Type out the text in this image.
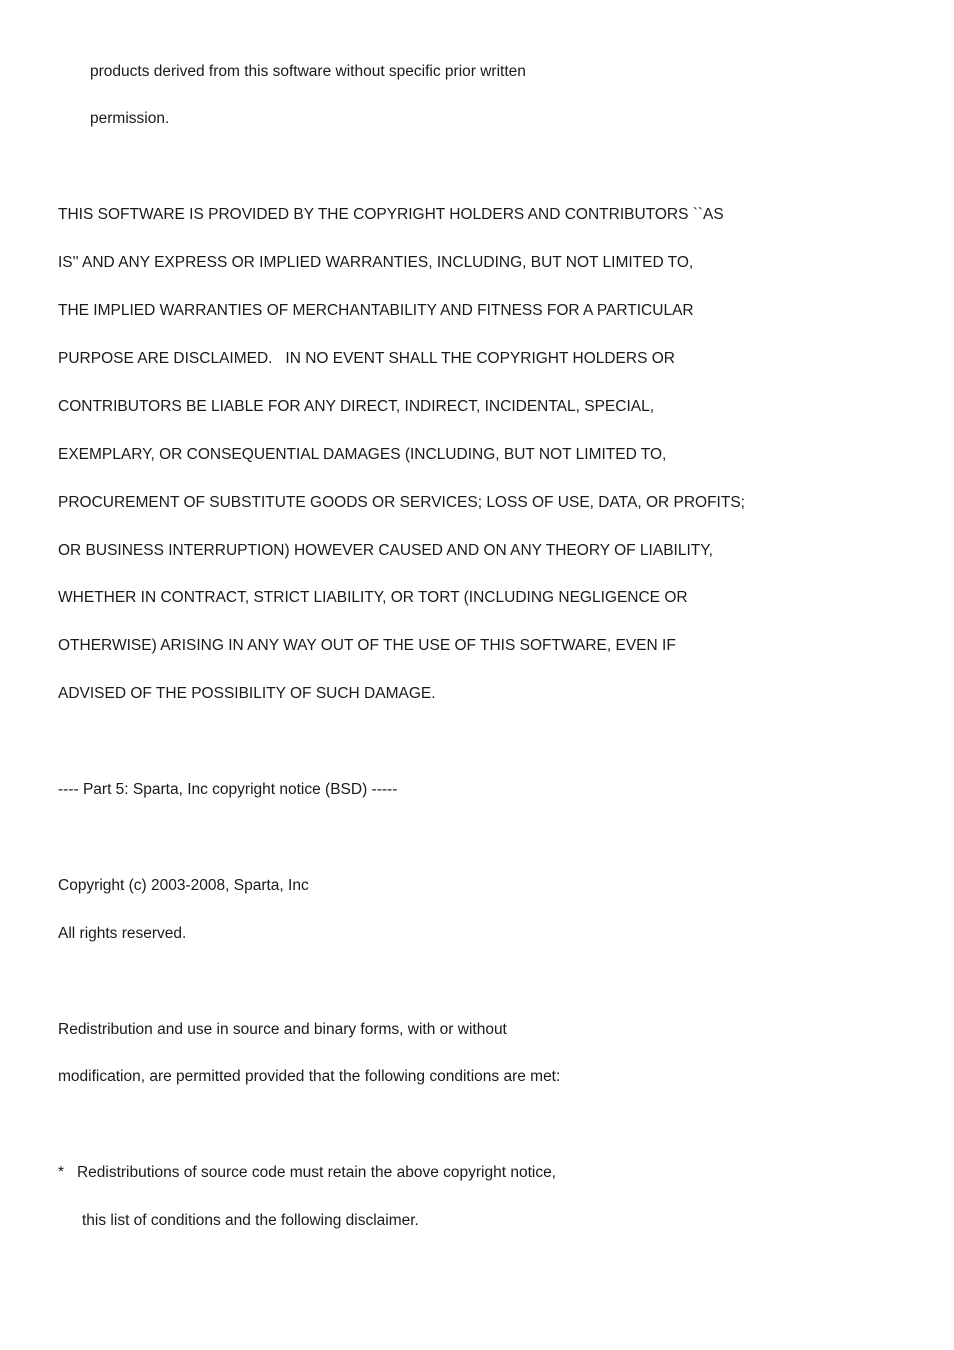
products derived from this software without specific prior written
permission.
THIS SOFTWARE IS PROVIDED BY THE COPYRIGHT HOLDERS AND CONTRIBUTORS ``AS
IS'' AND ANY EXPRESS OR IMPLIED WARRANTIES, INCLUDING, BUT NOT LIMITED TO,
THE IMPLIED WARRANTIES OF MERCHANTABILITY AND FITNESS FOR A PARTICULAR
PURPOSE ARE DISCLAIMED.   IN NO EVENT SHALL THE COPYRIGHT HOLDERS OR
CONTRIBUTORS BE LIABLE FOR ANY DIRECT, INDIRECT, INCIDENTAL, SPECIAL,
EXEMPLARY, OR CONSEQUENTIAL DAMAGES (INCLUDING, BUT NOT LIMITED TO,
PROCUREMENT OF SUBSTITUTE GOODS OR SERVICES; LOSS OF USE, DATA, OR PROFITS;
OR BUSINESS INTERRUPTION) HOWEVER CAUSED AND ON ANY THEORY OF LIABILITY,
WHETHER IN CONTRACT, STRICT LIABILITY, OR TORT (INCLUDING NEGLIGENCE OR
OTHERWISE) ARISING IN ANY WAY OUT OF THE USE OF THIS SOFTWARE, EVEN IF
ADVISED OF THE POSSIBILITY OF SUCH DAMAGE.
---- Part 5: Sparta, Inc copyright notice (BSD) -----
Copyright (c) 2003-2008, Sparta, Inc
All rights reserved.
Redistribution and use in source and binary forms, with or without
modification, are permitted provided that the following conditions are met:
*   Redistributions of source code must retain the above copyright notice,
this list of conditions and the following disclaimer.
